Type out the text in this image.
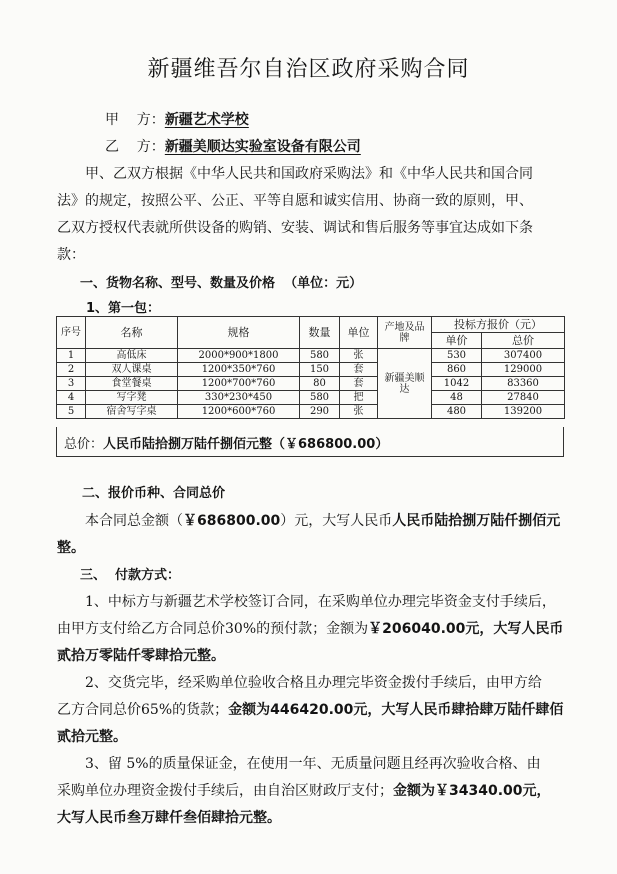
新疆维吾尔自治区政府采购合同
甲    方：新疆艺术学校
乙    方：新疆美顺达实验室设备有限公司
甲、乙双方根据《中华人民共和国政府采购法》和《中华人民共和国合同
法》的规定，按照公平、公正、平等自愿和诚实信用、协商一致的原则，甲、
乙双方授权代表就所供设备的购销、安装、调试和售后服务等事宜达成如下条
款：
一、货物名称、型号、数量及价格 （单位：元）
1、第一包：
序号	名称	规格	数量	单位	产地及品牌	投标方报价（元）	
						单价	总价
1	高低床	2000*900*1800	580	张	新疆美顺达	530	307400
2	双人课桌	1200*350*760	150	套		860	129000
3	食堂餐桌	1200*700*760	80	套		1042	83360
4	写字凳	330*230*450	580	把		48	27840
5	宿舍写字桌	1200*600*760	290	张		480	139200
总价：人民币陆拾捌万陆仟捌佰元整（￥686800.00）
二、报价币种、合同总价
本合同总金额（￥686800.00）元，大写人民币人民币陆拾捌万陆仟捌佰元
整。
三、  付款方式：
1、中标方与新疆艺术学校签订合同，在采购单位办理完毕资金支付手续后，
由甲方支付给乙方合同总价30%的预付款；金额为￥206040.00元，大写人民币
贰拾万零陆仟零肆拾元整。
2、交货完毕，经采购单位验收合格且办理完毕资金拨付手续后，由甲方给
乙方合同总价65%的货款；金额为446420.00元，大写人民币肆拾肆万陆仟肆佰
贰拾元整。
3、留 5%的质量保证金，在使用一年、无质量问题且经再次验收合格、由
采购单位办理资金拨付手续后，由自治区财政厅支付；金额为￥34340.00元，
大写人民币叁万肆仟叁佰肆拾元整。
